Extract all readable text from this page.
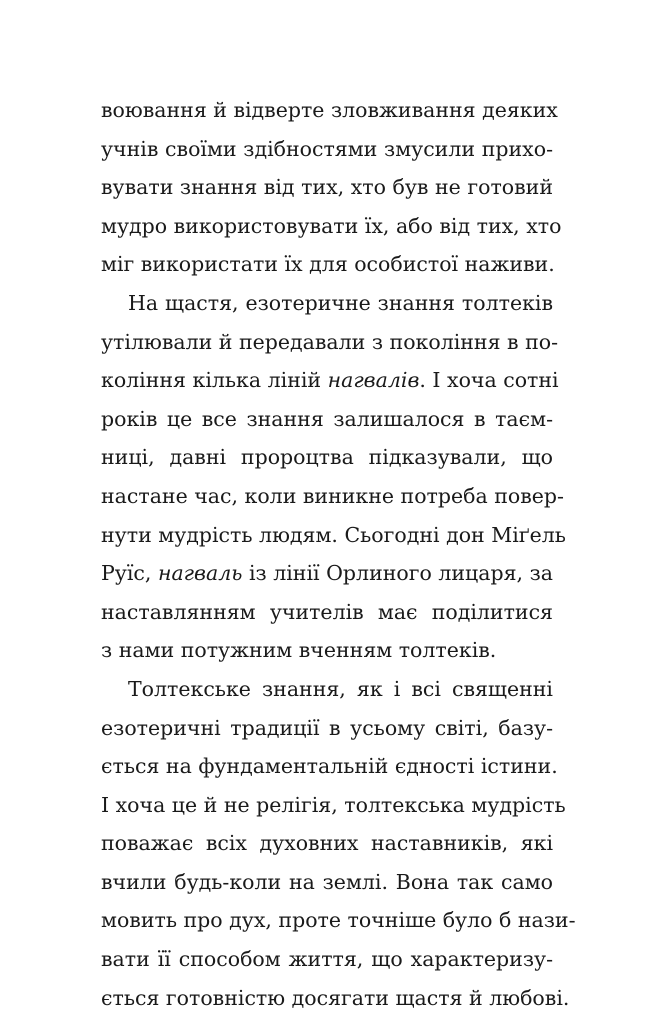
воювання й відверте зловживання деяких
учнів своїми здібностями змусили прихо-
вувати знання від тих, хто був не готовий
мудро використовувати їх, або від тих, хто
міг використати їх для особистої наживи.
На щастя, езотеричне знання толтеків
утілювали й передавали з покоління в по-
коління кілька ліній нагвалів. І хоча сотні
років це все знання залишалося в таєм-
ниці, давні пророцтва підказували, що
настане час, коли виникне потреба повер-
нути мудрість людям. Сьогодні дон Міґель
Руїс, нагваль із лінії Орлиного лицаря, за
наставлянням учителів має поділитися
з нами потужним вченням толтеків.
Толтекське знання, як і всі священні
езотеричні традиції в усьому світі, базу-
ється на фундаментальній єдності істини.
І хоча це й не релігія, толтекська мудрість
поважає всіх духовних наставників, які
вчили будь-коли на землі. Вона так само
мовить про дух, проте точніше було б нази-
вати її способом життя, що характеризу-
ється готовністю досягати щастя й любові.
